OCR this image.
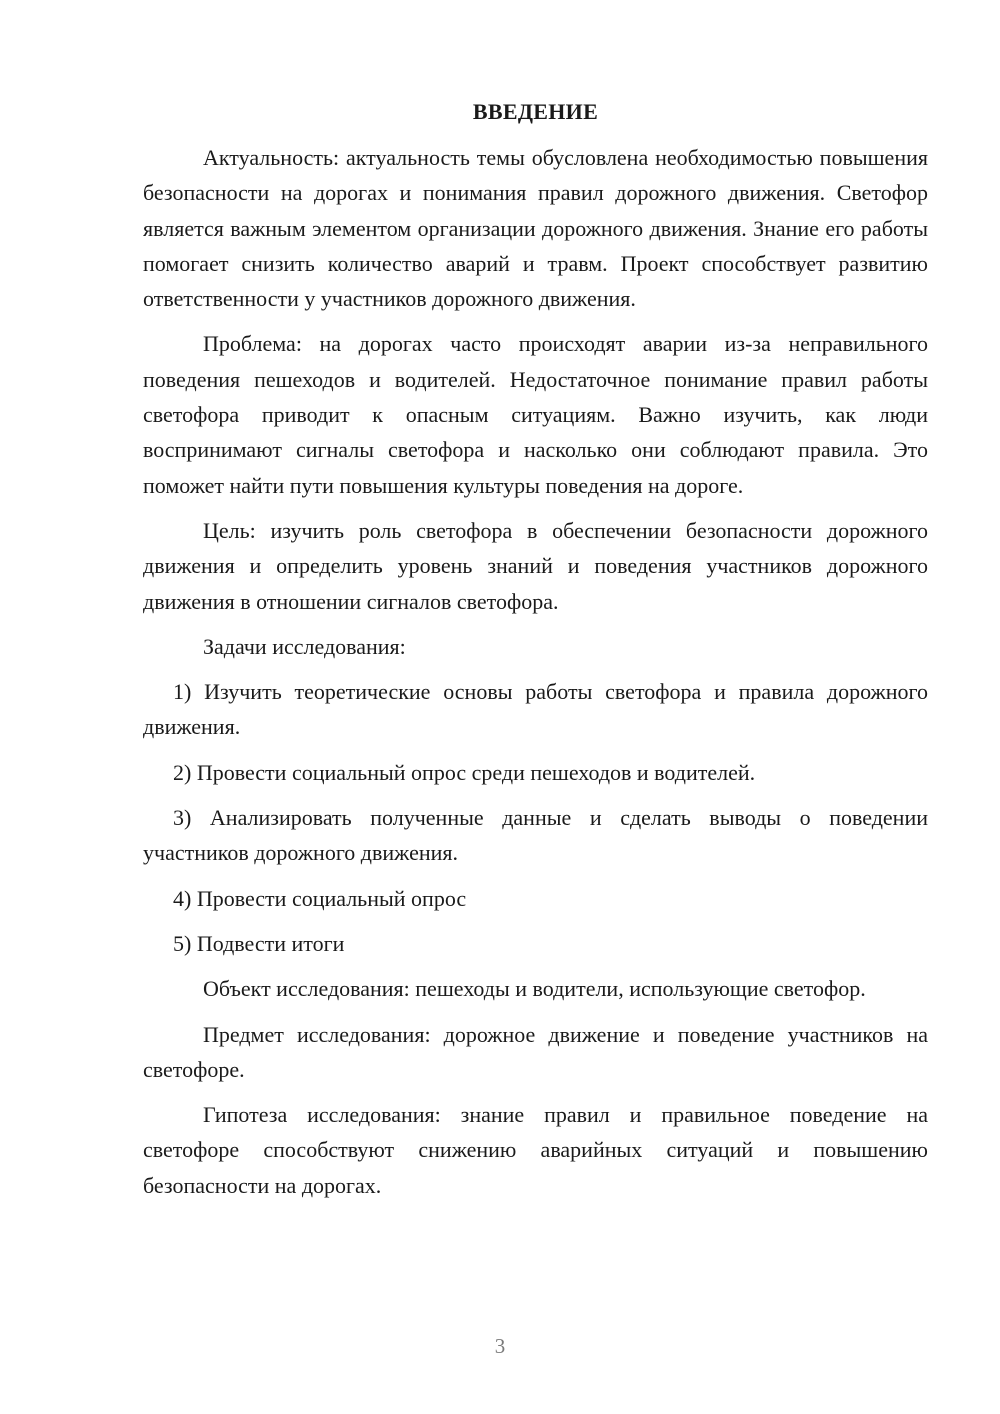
ВВЕДЕНИЕ

Актуальность: актуальность темы обусловлена необходимостью повышения безопасности на дорогах и понимания правил дорожного движения. Светофор является важным элементом организации дорожного движения. Знание его работы помогает снизить количество аварий и травм. Проект способствует развитию ответственности у участников дорожного движения.

Проблема: на дорогах часто происходят аварии из-за неправильного поведения пешеходов и водителей. Недостаточное понимание правил работы светофора приводит к опасным ситуациям. Важно изучить, как люди воспринимают сигналы светофора и насколько они соблюдают правила. Это поможет найти пути повышения культуры поведения на дороге.

Цель: изучить роль светофора в обеспечении безопасности дорожного движения и определить уровень знаний и поведения участников дорожного движения в отношении сигналов светофора.

Задачи исследования:

1) Изучить теоретические основы работы светофора и правила дорожного движения.

2) Провести социальный опрос среди пешеходов и водителей.

3) Анализировать полученные данные и сделать выводы о поведении участников дорожного движения.

4) Провести социальный опрос

5) Подвести итоги

Объект исследования: пешеходы и водители, использующие светофор.

Предмет исследования: дорожное движение и поведение участников на светофоре.

Гипотеза исследования: знание правил и правильное поведение на светофоре способствуют снижению аварийных ситуаций и повышению безопасности на дорогах.

3
